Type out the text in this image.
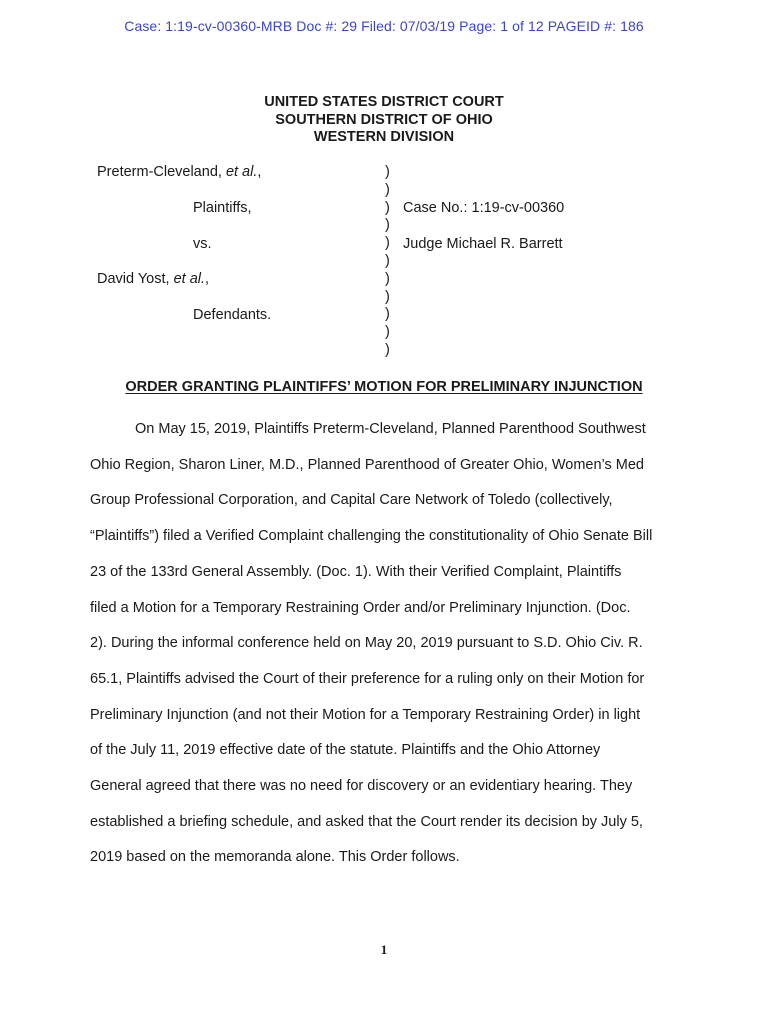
Case: 1:19-cv-00360-MRB Doc #: 29 Filed: 07/03/19 Page: 1 of 12 PAGEID #: 186
UNITED STATES DISTRICT COURT
SOUTHERN DISTRICT OF OHIO
WESTERN DIVISION
Preterm-Cleveland, et al.,
Plaintiffs,
vs.
David Yost, et al.,
Defendants.
)
)
)
)
)
)
)
)
)
)
)
Case No.: 1:19-cv-00360
Judge Michael R. Barrett
ORDER GRANTING PLAINTIFFS’ MOTION FOR PRELIMINARY INJUNCTION
On May 15, 2019, Plaintiffs Preterm-Cleveland, Planned Parenthood Southwest
Ohio Region, Sharon Liner, M.D., Planned Parenthood of Greater Ohio, Women’s Med
Group Professional Corporation, and Capital Care Network of Toledo (collectively,
“Plaintiffs”) filed a Verified Complaint challenging the constitutionality of Ohio Senate Bill
23 of the 133rd General Assembly. (Doc. 1). With their Verified Complaint, Plaintiffs
filed a Motion for a Temporary Restraining Order and/or Preliminary Injunction. (Doc.
2). During the informal conference held on May 20, 2019 pursuant to S.D. Ohio Civ. R.
65.1, Plaintiffs advised the Court of their preference for a ruling only on their Motion for
Preliminary Injunction (and not their Motion for a Temporary Restraining Order) in light
of the July 11, 2019 effective date of the statute. Plaintiffs and the Ohio Attorney
General agreed that there was no need for discovery or an evidentiary hearing. They
established a briefing schedule, and asked that the Court render its decision by July 5,
2019 based on the memoranda alone. This Order follows.
1
